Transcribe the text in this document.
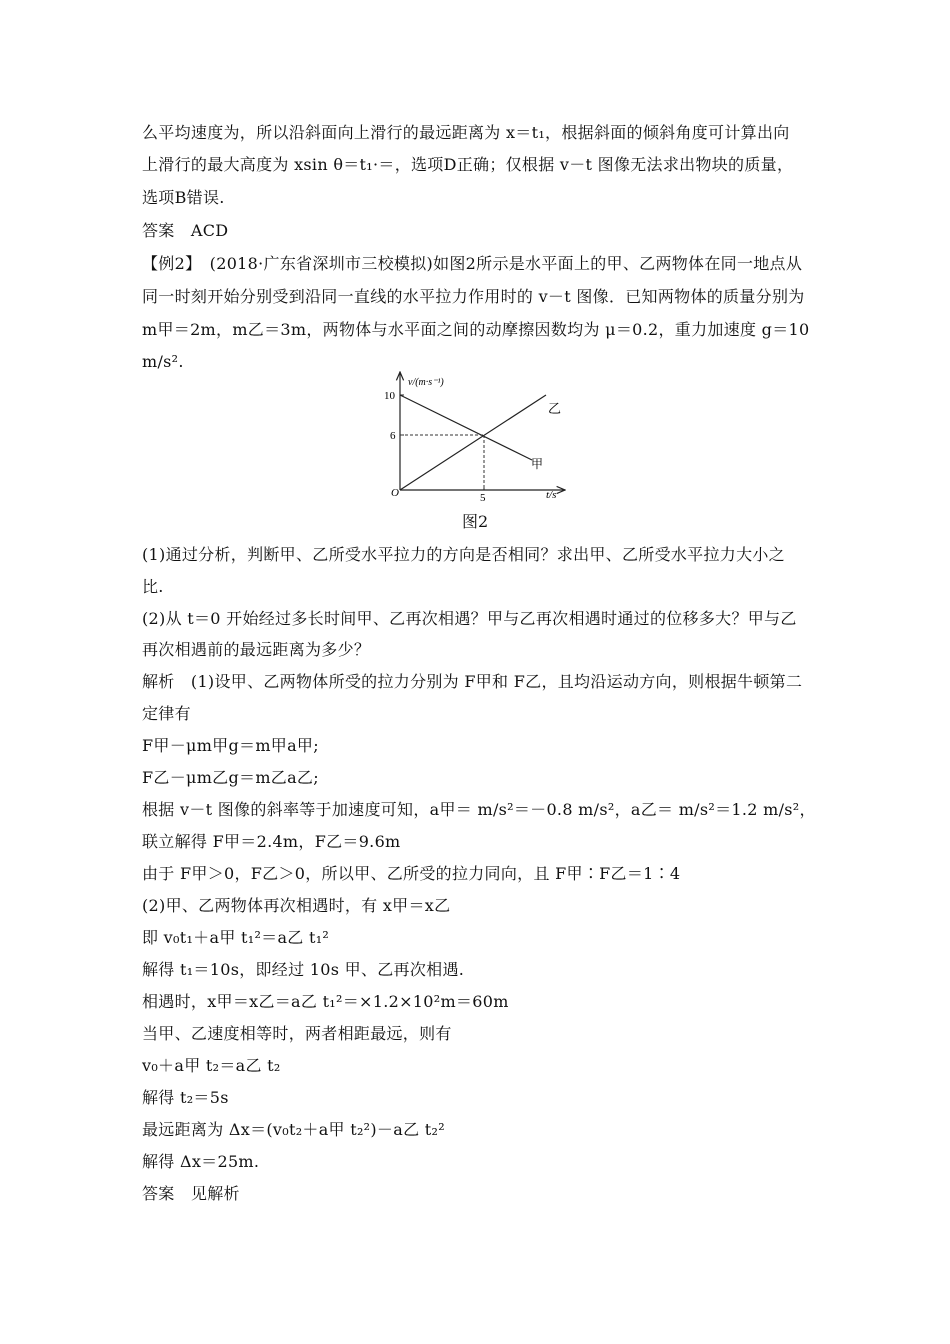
么平均速度为，所以沿斜面向上滑行的最远距离为 x＝t₁，根据斜面的倾斜角度可计算出向
上滑行的最大高度为 xsin θ＝t₁·＝，选项D正确；仅根据 v－t 图像无法求出物块的质量，
选项B错误.
答案　ACD
【例2】　(2018·广东省深圳市三校模拟)如图2所示是水平面上的甲、乙两物体在同一地点从
同一时刻开始分别受到沿同一直线的水平拉力作用时的 v－t 图像．已知两物体的质量分别为
m甲＝2m，m乙＝3m，两物体与水平面之间的动摩擦因数均为 μ＝0.2，重力加速度 g＝10
m/s².
v/(m·s⁻¹)
t/s
O
10
6
5
乙
甲
图2
(1)通过分析，判断甲、乙所受水平拉力的方向是否相同？求出甲、乙所受水平拉力大小之
比.
(2)从 t＝0 开始经过多长时间甲、乙再次相遇？甲与乙再次相遇时通过的位移多大？甲与乙
再次相遇前的最远距离为多少？
解析　(1)设甲、乙两物体所受的拉力分别为 F甲和 F乙，且均沿运动方向，则根据牛顿第二
定律有
F甲－μm甲g＝m甲a甲;
F乙－μm乙g＝m乙a乙;
根据 v－t 图像的斜率等于加速度可知，a甲＝ m/s²＝－0.8 m/s²，a乙＝ m/s²＝1.2 m/s²，
联立解得 F甲＝2.4m，F乙＝9.6m
由于 F甲＞0，F乙＞0，所以甲、乙所受的拉力同向，且 F甲∶F乙＝1∶4
(2)甲、乙两物体再次相遇时，有 x甲＝x乙
即 v₀t₁＋a甲 t₁²＝a乙 t₁²
解得 t₁＝10s，即经过 10s 甲、乙再次相遇.
相遇时，x甲＝x乙＝a乙 t₁²＝×1.2×10²m＝60m
当甲、乙速度相等时，两者相距最远，则有
v₀＋a甲 t₂＝a乙 t₂
解得 t₂＝5s
最远距离为 Δx＝(v₀t₂＋a甲 t₂²)－a乙 t₂²
解得 Δx＝25m.
答案　见解析
